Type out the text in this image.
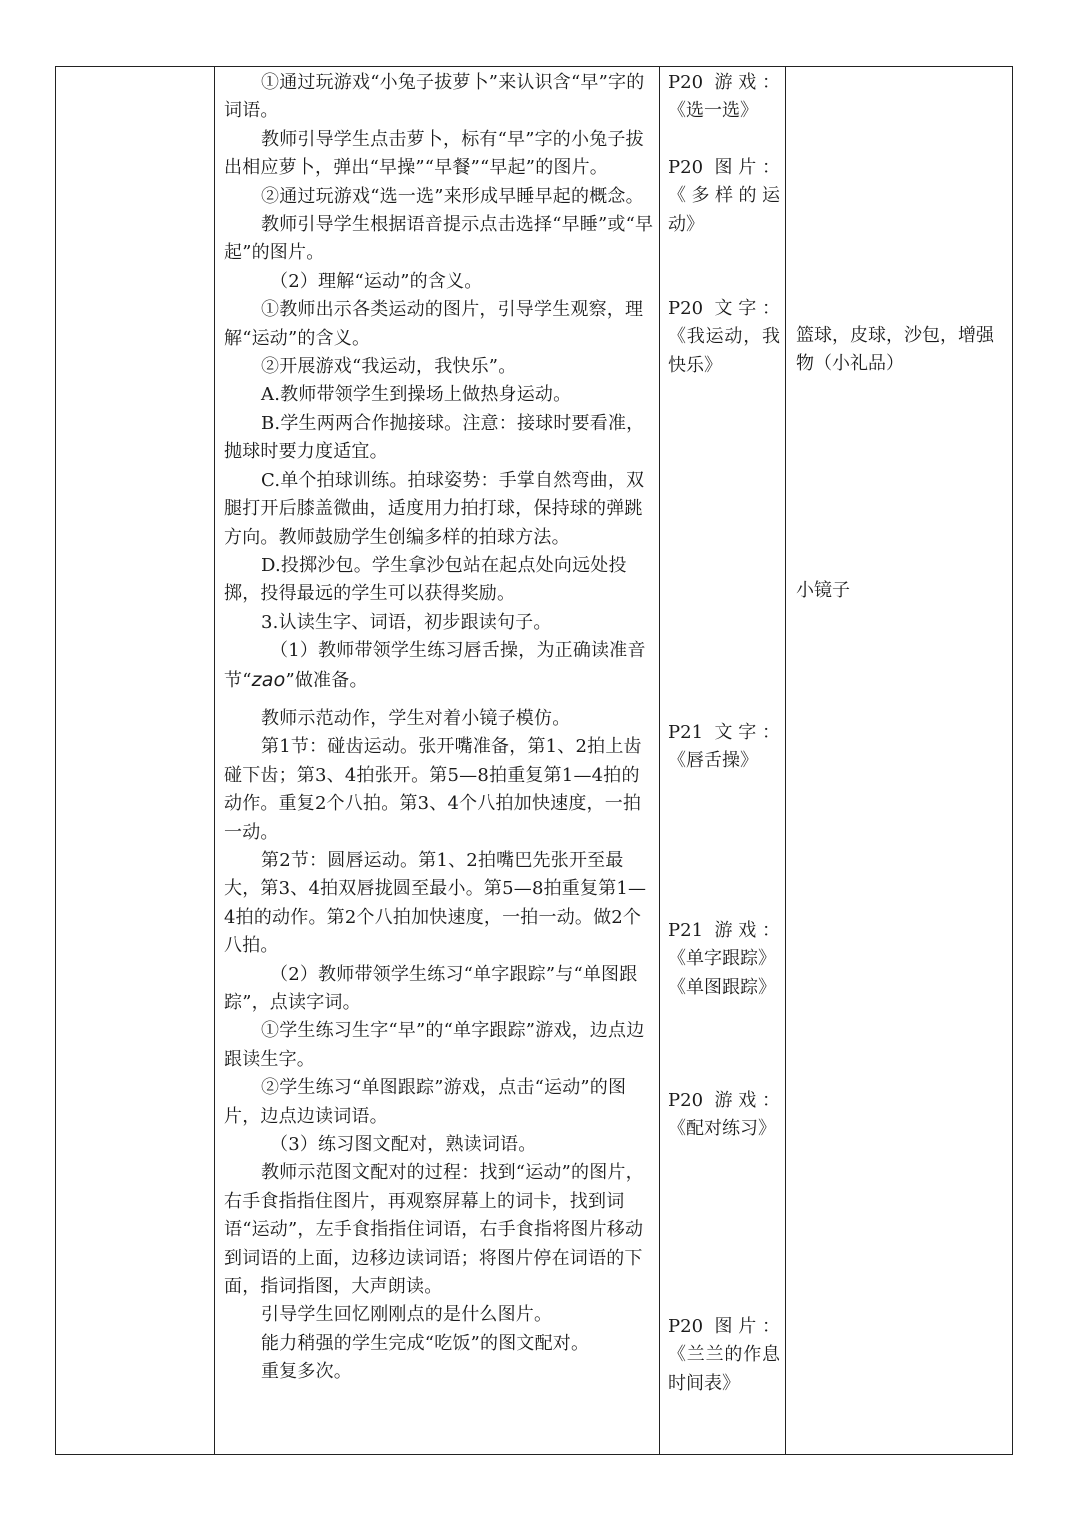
①通过玩游戏“小兔子拔萝卜”来认识含“早”字的词语。

教师引导学生点击萝卜，标有“早”字的小兔子拔出相应萝卜，弹出“早操”“早餐”“早起”的图片。

②通过玩游戏“选一选”来形成早睡早起的概念。

教师引导学生根据语音提示点击选择“早睡”或“早起”的图片。

（2）理解“运动”的含义。

①教师出示各类运动的图片，引导学生观察，理解“运动”的含义。

②开展游戏“我运动，我快乐”。

A.教师带领学生到操场上做热身运动。

B.学生两两合作抛接球。注意：接球时要看准，抛球时要力度适宜。

C.单个拍球训练。拍球姿势：手掌自然弯曲，双腿打开后膝盖微曲，适度用力拍打球，保持球的弹跳方向。教师鼓励学生创编多样的拍球方法。

D.投掷沙包。学生拿沙包站在起点处向远处投掷，投得最远的学生可以获得奖励。

3.认读生字、词语，初步跟读句子。

（1）教师带领学生练习唇舌操，为正确读准音节“zao”做准备。

教师示范动作，学生对着小镜子模仿。

第1节：碰齿运动。张开嘴准备，第1、2拍上齿碰下齿；第3、4拍张开。第5—8拍重复第1—4拍的动作。重复2个八拍。第3、4个八拍加快速度，一拍一动。

第2节：圆唇运动。第1、2拍嘴巴先张开至最大，第3、4拍双唇拢圆至最小。第5—8拍重复第1—4拍的动作。第2个八拍加快速度，一拍一动。做2个八拍。

（2）教师带领学生练习“单字跟踪”与“单图跟踪”，点读字词。

①学生练习生字“早”的“单字跟踪”游戏，边点边跟读生字。

②学生练习“单图跟踪”游戏，点击“运动”的图片，边点边读词语。

（3）练习图文配对，熟读词语。

教师示范图文配对的过程：找到“运动”的图片，右手食指指住图片，再观察屏幕上的词卡，找到词语“运动”，左手食指指住词语，右手食指将图片移动到词语的上面，边移边读词语；将图片停在词语的下面，指词指图，大声朗读。

引导学生回忆刚刚点的是什么图片。

能力稍强的学生完成“吃饭”的图文配对。

重复多次。

P20 游戏：
《选一选》
P20 图片：
《多样的运动》
P20 文字：
《我运动，我快乐》
P21 文字：
《唇舌操》
P21 游戏：
《单字跟踪》《单图跟踪》
P20 游戏：
《配对练习》
P20 图片：
《兰兰的作息时间表》
篮球，皮球，沙包，增强物（小礼品）
小镜子
